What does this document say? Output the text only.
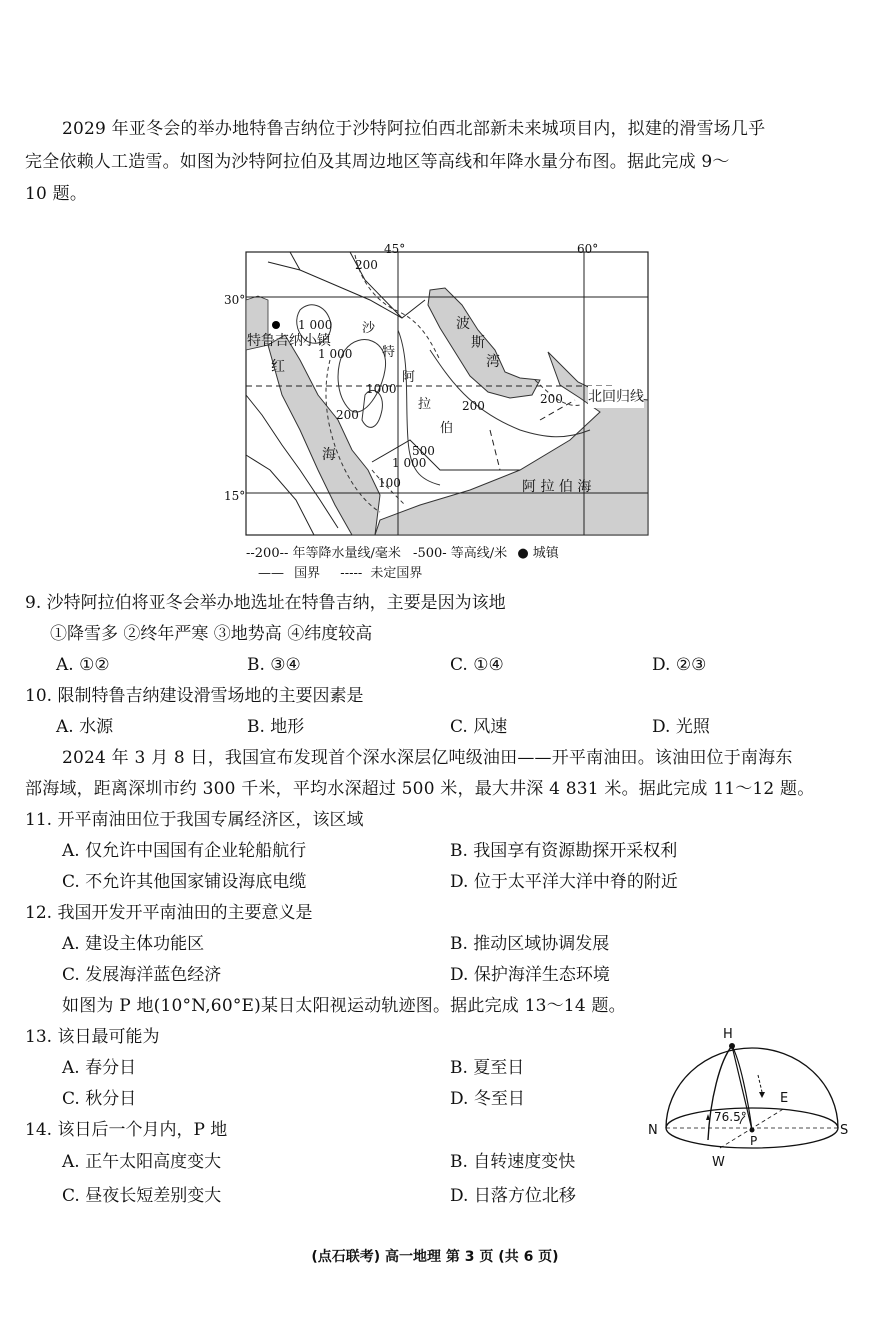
2029 年亚冬会的举办地特鲁吉纳位于沙特阿拉伯西北部新未来城项目内，拟建的滑雪场几乎
完全依赖人工造雪。如图为沙特阿拉伯及其周边地区等高线和年降水量分布图。据此完成 9～
10 题。
45°	60°
30°
15°
特鲁吉纳小镇
红
海
沙
特
阿
拉
伯
波
斯
湾
阿 拉 伯 海
北回归线
200
1 000
1 000
1000
200
200	200
500
1 000
100
--200-- 年等降水量线/毫米 -500- 等高线/米 ● 城镇
—— 国界 ----- 未定国界
9. 沙特阿拉伯将亚冬会举办地选址在特鲁吉纳，主要是因为该地
①降雪多 ②终年严寒 ③地势高 ④纬度较高
A. ①②	B. ③④	C. ①④	D. ②③
10. 限制特鲁吉纳建设滑雪场地的主要因素是
A. 水源	B. 地形	C. 风速	D. 光照
2024 年 3 月 8 日，我国宣布发现首个深水深层亿吨级油田——开平南油田。该油田位于南海东
部海域，距离深圳市约 300 千米，平均水深超过 500 米，最大井深 4 831 米。据此完成 11～12 题。
11. 开平南油田位于我国专属经济区，该区域
A. 仅允许中国国有企业轮船航行	B. 我国享有资源勘探开采权利
C. 不允许其他国家铺设海底电缆	D. 位于太平洋大洋中脊的附近
12. 我国开发开平南油田的主要意义是
A. 建设主体功能区	B. 推动区域协调发展
C. 发展海洋蓝色经济	D. 保护海洋生态环境
如图为 P 地(10°N,60°E)某日太阳视运动轨迹图。据此完成 13～14 题。
13. 该日最可能为
A. 春分日	B. 夏至日
C. 秋分日	D. 冬至日
14. 该日后一个月内，P 地
A. 正午太阳高度变大	B. 自转速度变快
C. 昼夜长短差别变大	D. 日落方位北移
H
E
N	S
W
P
76.5°
(点石联考) 高一地理 第 3 页 (共 6 页)
